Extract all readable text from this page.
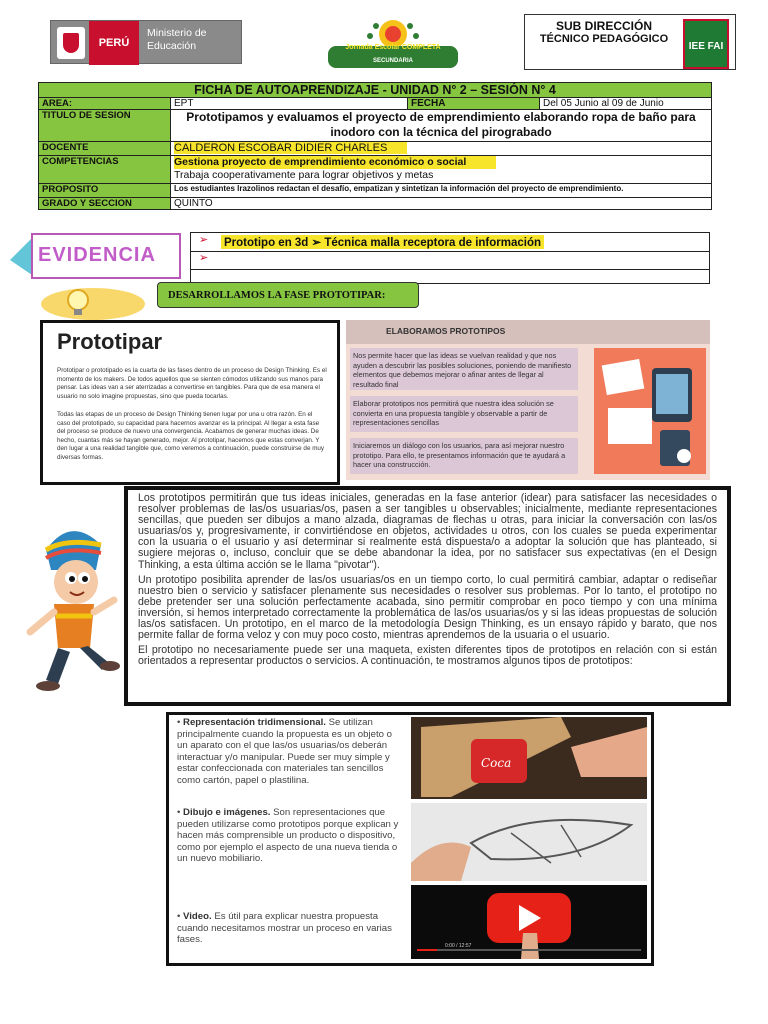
PERÚ
Ministerio de Educación	Jornada Escolar COMPLETA
SECUNDARIA
SUB DIRECCIÓN
TÉCNICO PEDAGÓGICO
IEE FAI
FICHA DE AUTOAPRENDIZAJE - UNIDAD N° 2 – SESIÓN N° 4			
AREA:	EPT	FECHA	Del 05 Junio al 09 de Junio
TITULO DE SESION	Prototipamos y evaluamos el proyecto de emprendimiento elaborando ropa de baño para inodoro con la técnica del pirograbado		
DOCENTE	CALDERON ESCOBAR DIDIER CHARLES		
COMPETENCIAS	Gestiona proyecto de emprendimiento económico o social

Trabaja cooperativamente para lograr objetivos y metas		

PROPOSITO	Los estudiantes lrazolinos redactan el desafío, empatizan y sintetizan la información del proyecto de emprendimiento.		
GRADO Y SECCION	QUINTO		
EVIDENCIA
➢ Prototipo en 3d ➢ Técnica malla receptora de información
➢
DESARROLLAMOS LA FASE PROTOTIPAR:
Prototipar

Prototipar o prototipado es la cuarta de las fases dentro de un proceso de Design Thinking. Es el momento de los makers. De todos aquellos que se sienten cómodos utilizando sus manos para pensar. Las ideas van a ser aterrizadas a convertirse en tangibles. Para que de esa manera el usuario no solo imagine propuestas, sino que pueda tocarlas.

Todas las etapas de un proceso de Design Thinking tienen lugar por una u otra razón. En el caso del prototipado, su capacidad para hacernos avanzar es la principal. Al llegar a esta fase del proceso se produce de nuevo una convergencia. Acabamos de generar muchas ideas. De hecho, cuantas más se hayan generado, mejor. Al prototipar, hacemos que estas converjan. Y den lugar a una realidad tangible que, como veremos a continuación, puede construirse de muy diversas formas.

ELABORAMOS PROTOTIPOS
Nos permite hacer que las ideas se vuelvan realidad y que nos ayuden a descubrir las posibles soluciones, poniendo de manifiesto elementos que debemos mejorar o afinar antes de llegar al resultado final
Elaborar prototipos nos permitirá que nuestra idea solución se convierta en una propuesta tangible y observable a partir de representaciones sencillas
Iniciaremos un diálogo con los usuarios, para así mejorar nuestro prototipo. Para ello, te presentamos información que te ayudará a hacer una construcción.

Los prototipos permitirán que tus ideas iniciales, generadas en la fase anterior (idear) para satisfacer las necesidades o resolver problemas de las/os usuarias/os, pasen a ser tangibles u observables; inicialmente, mediante representaciones sencillas, que pueden ser dibujos a mano alzada, diagramas de flechas u otras, para iniciar la conversación con las/os usuarias/os y, progresivamente, ir convirtiéndose en objetos, actividades u otros, con los cuales se pueda experimentar con la usuaria o el usuario y así determinar si realmente está dispuesta/o a adoptar la solución que has planteado, si sugiere mejoras o, incluso, concluir que se debe abandonar la idea, por no satisfacer sus expectativas (en el Design Thinking, a esta última acción se le llama "pivotar").

Un prototipo posibilita aprender de las/os usuarias/os en un tiempo corto, lo cual permitirá cambiar, adaptar o rediseñar nuestro bien o servicio y satisfacer plenamente sus necesidades o resolver sus problemas. Por lo tanto, el prototipo no debe pretender ser una solución perfectamente acabada, sino permitir comprobar en poco tiempo y con una mínima inversión, si hemos interpretado correctamente la problemática de las/os usuarias/os y si las ideas propuestas de solución las/os satisfacen. Un prototipo, en el marco de la metodología Design Thinking, es un ensayo rápido y barato, que nos permite fallar de forma veloz y con muy poco costo, mientras aprendemos de la usuaria o el usuario.

El prototipo no necesariamente puede ser una maqueta, existen diferentes tipos de prototipos en relación con si están orientados a representar productos o servicios. A continuación, te mostramos algunos tipos de prototipos:

• Representación tridimensional. Se utilizan principalmente cuando la propuesta es un objeto o un aparato con el que las/os usuarias/os deberán interactuar y/o manipular. Puede ser muy simple y estar confeccionada con materiales tan sencillos como cartón, papel o plastilina.
Coca
• Dibujo e imágenes. Son representaciones que pueden utilizarse como prototipos porque explican y hacen más comprensible un producto o dispositivo, como por ejemplo el aspecto de una nueva tienda o un nuevo mobiliario.
• Video. Es útil para explicar nuestra propuesta cuando necesitamos mostrar un proceso en varias fases.
0:00 / 12:57
